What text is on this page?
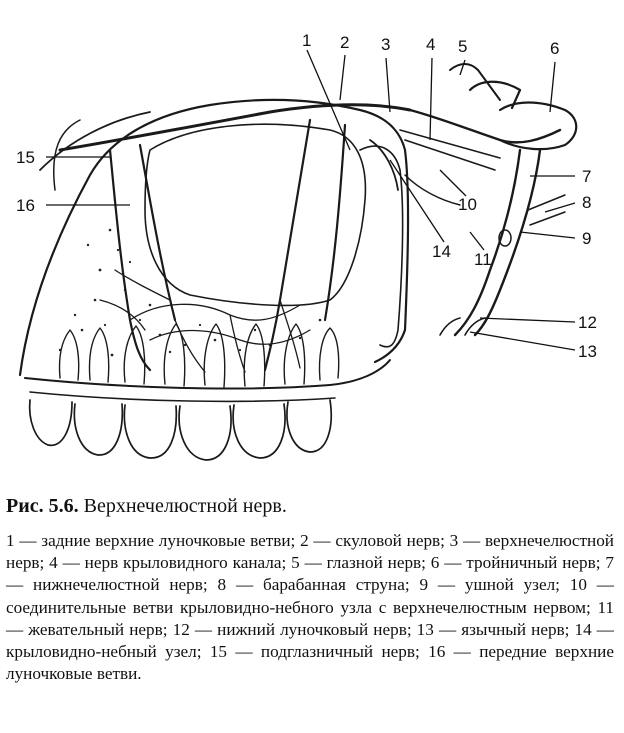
1 2 3 4 5	6
7
8
9
10
11
12
13
14
15
16
Рис. 5.6. Верхнечелюстной нерв.
1 — задние верхние луночковые ветви; 2 — скуловой нерв; 3 — верхнечелюстной нерв; 4 — нерв крыловидного канала; 5 — глазной нерв; 6 — тройничный нерв; 7 — нижнечелюстной нерв; 8 — барабанная струна; 9 — ушной узел; 10 — соединительные ветви крыловидно-небного узла с верхнечелюстным нервом; 11 — жевательный нерв; 12 — нижний луночковый нерв; 13 — язычный нерв; 14 — крыловидно-небный узел; 15 — подглазничный нерв; 16 — передние верхние луночковые ветви.
